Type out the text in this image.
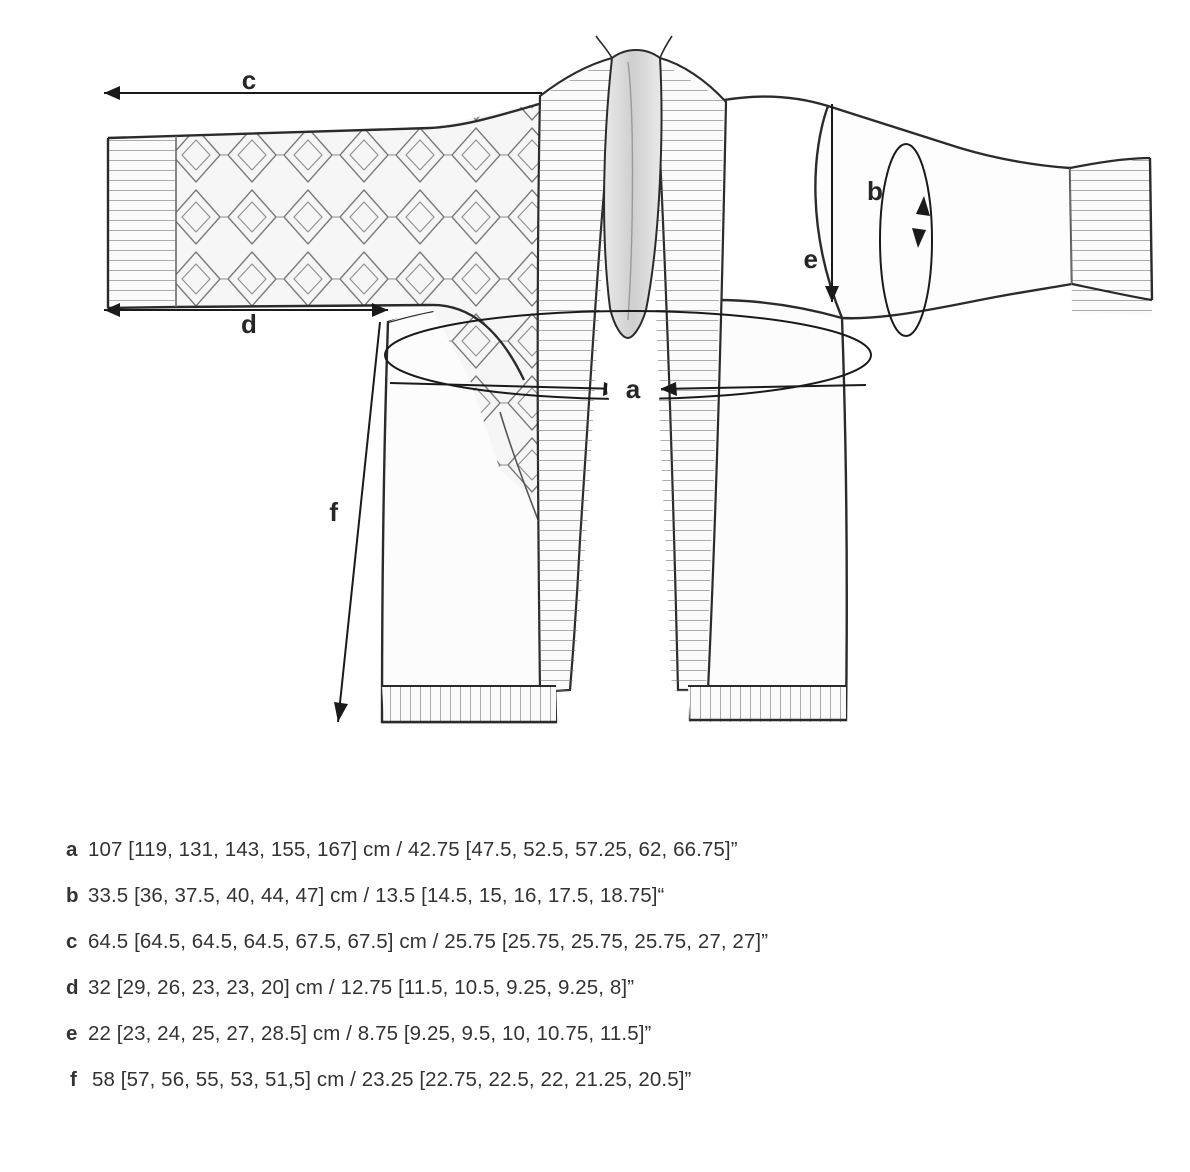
c
d
e
b
a
f
a 107 [119, 131, 143, 155, 167] cm / 42.75 [47.5, 52.5, 57.25, 62, 66.75]”
b 33.5 [36, 37.5, 40, 44, 47] cm / 13.5 [14.5, 15, 16, 17.5, 18.75]“
c 64.5 [64.5, 64.5, 64.5, 67.5, 67.5] cm / 25.75 [25.75, 25.75, 25.75, 27, 27]”
d 32 [29, 26, 23, 23, 20] cm / 12.75 [11.5, 10.5, 9.25, 9.25, 8]”
e 22 [23, 24, 25, 27, 28.5] cm / 8.75 [9.25, 9.5, 10, 10.75, 11.5]”
f 58 [57, 56, 55, 53, 51,5] cm / 23.25 [22.75, 22.5, 22, 21.25, 20.5]”
